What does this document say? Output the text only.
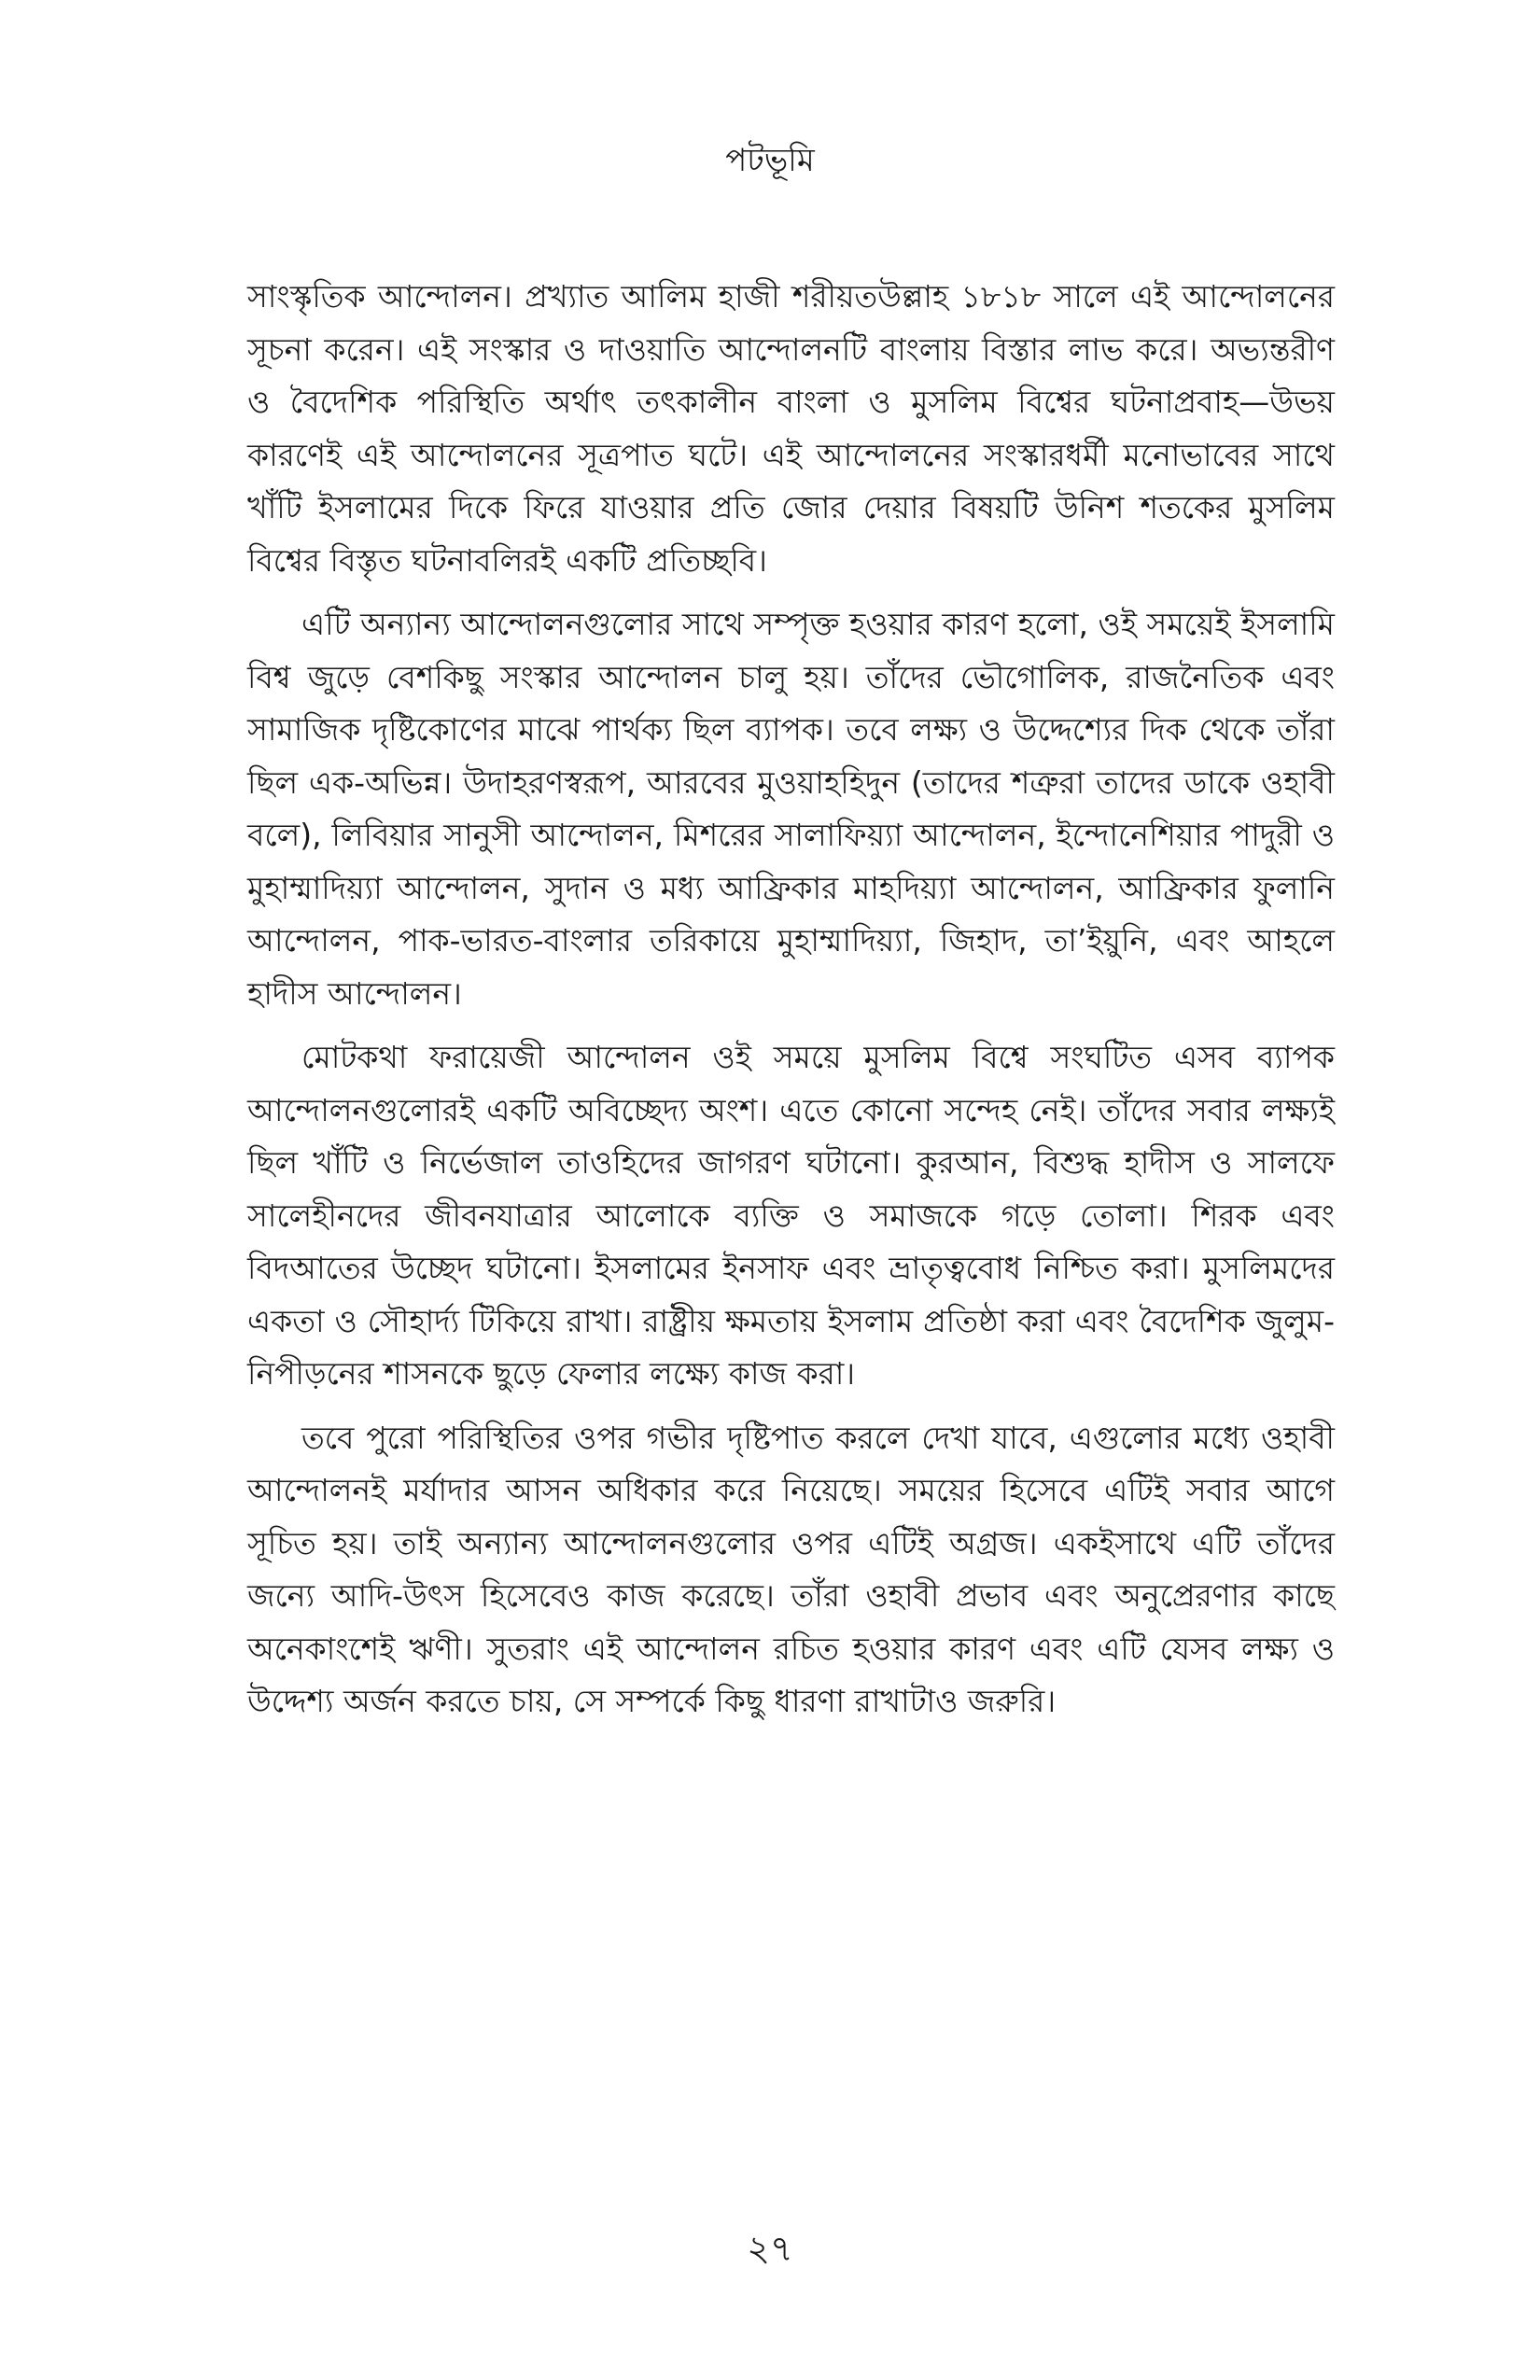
পটভূমি

সাংস্কৃতিক আন্দোলন। প্রখ্যাত আলিম হাজী শরীয়তউল্লাহ ১৮১৮ সালে এই আন্দোলনের সূচনা করেন। এই সংস্কার ও দাওয়াতি আন্দোলনটি বাংলায় বিস্তার লাভ করে। অভ্যন্তরীণ ও বৈদেশিক পরিস্থিতি অর্থাৎ তৎকালীন বাংলা ও মুসলিম বিশ্বের ঘটনাপ্রবাহ—উভয় কারণেই এই আন্দোলনের সূত্রপাত ঘটে। এই আন্দোলনের সংস্কারধর্মী মনোভাবের সাথে খাঁটি ইসলামের দিকে ফিরে যাওয়ার প্রতি জোর দেয়ার বিষয়টি উনিশ শতকের মুসলিম বিশ্বের বিস্তৃত ঘটনাবলিরই একটি প্রতিচ্ছবি।

এটি অন্যান্য আন্দোলনগুলোর সাথে সম্পৃক্ত হওয়ার কারণ হলো, ওই সময়েই ইসলামি বিশ্ব জুড়ে বেশকিছু সংস্কার আন্দোলন চালু হয়। তাঁদের ভৌগোলিক, রাজনৈতিক এবং সামাজিক দৃষ্টিকোণের মাঝে পার্থক্য ছিল ব্যাপক। তবে লক্ষ্য ও উদ্দেশ্যের দিক থেকে তাঁরা ছিল এক-অভিন্ন। উদাহরণস্বরূপ, আরবের মুওয়াহহিদুন (তাদের শত্রুরা তাদের ডাকে ওহাবী বলে), লিবিয়ার সানুসী আন্দোলন, মিশরের সালাফিয়্যা আন্দোলন, ইন্দোনেশিয়ার পাদুরী ও মুহাম্মাদিয়্যা আন্দোলন, সুদান ও মধ্য আফ্রিকার মাহদিয়্যা আন্দোলন, আফ্রিকার ফুলানি আন্দোলন, পাক-ভারত-বাংলার তরিকায়ে মুহাম্মাদিয়্যা, জিহাদ, তা’ইয়ুনি, এবং আহলে হাদীস আন্দোলন।

মোটকথা ফরায়েজী আন্দোলন ওই সময়ে মুসলিম বিশ্বে সংঘটিত এসব ব্যাপক আন্দোলনগুলোরই একটি অবিচ্ছেদ্য অংশ। এতে কোনো সন্দেহ নেই। তাঁদের সবার লক্ষ্যই ছিল খাঁটি ও নির্ভেজাল তাওহিদের জাগরণ ঘটানো। কুরআন, বিশুদ্ধ হাদীস ও সালফে সালেহীনদের জীবনযাত্রার আলোকে ব্যক্তি ও সমাজকে গড়ে তোলা। শিরক এবং বিদআতের উচ্ছেদ ঘটানো। ইসলামের ইনসাফ এবং ভ্রাতৃত্ববোধ নিশ্চিত করা। মুসলিমদের একতা ও সৌহার্দ্য টিকিয়ে রাখা। রাষ্ট্রীয় ক্ষমতায় ইসলাম প্রতিষ্ঠা করা এবং বৈদেশিক জুলুম-নিপীড়নের শাসনকে ছুড়ে ফেলার লক্ষ্যে কাজ করা।

তবে পুরো পরিস্থিতির ওপর গভীর দৃষ্টিপাত করলে দেখা যাবে, এগুলোর মধ্যে ওহাবী আন্দোলনই মর্যাদার আসন অধিকার করে নিয়েছে। সময়ের হিসেবে এটিই সবার আগে সূচিত হয়। তাই অন্যান্য আন্দোলনগুলোর ওপর এটিই অগ্রজ। একইসাথে এটি তাঁদের জন্যে আদি-উৎস হিসেবেও কাজ করেছে। তাঁরা ওহাবী প্রভাব এবং অনুপ্রেরণার কাছে অনেকাংশেই ঋণী। সুতরাং এই আন্দোলন রচিত হওয়ার কারণ এবং এটি যেসব লক্ষ্য ও উদ্দেশ্য অর্জন করতে চায়, সে সম্পর্কে কিছু ধারণা রাখাটাও জরুরি।

২৭
